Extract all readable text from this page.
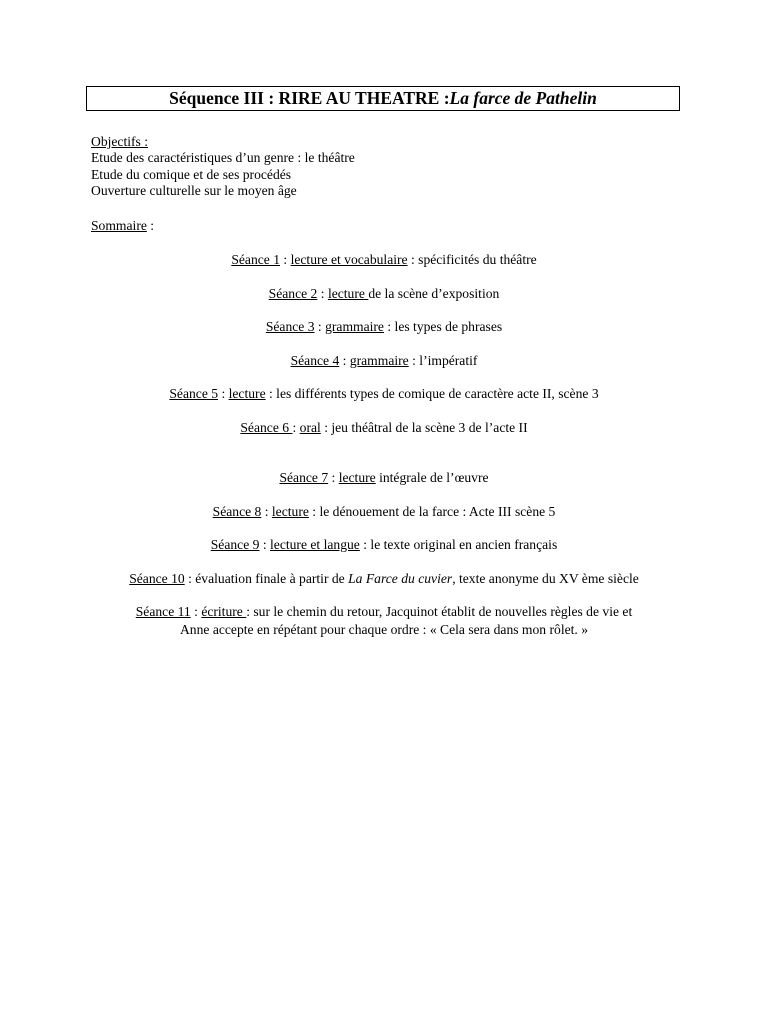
Séquence III : RIRE AU THEATRE : La farce de Pathelin
Objectifs :
Etude des caractéristiques d’un genre : le théâtre
Etude du comique et de ses procédés
Ouverture culturelle sur le moyen âge
Sommaire :
Séance 1 : lecture et vocabulaire : spécificités du théâtre
Séance 2 : lecture de la scène d’exposition
Séance 3 : grammaire : les types de phrases
Séance 4 : grammaire : l’impératif
Séance 5 : lecture : les différents types de comique de caractère acte II, scène 3
Séance 6 : oral : jeu théâtral de la scène 3 de l’acte II
Séance 7 : lecture intégrale de l’œuvre
Séance 8 : lecture : le dénouement de la farce : Acte III scène 5
Séance 9 : lecture et langue : le texte original en ancien français
Séance 10 : évaluation finale à partir de La Farce du cuvier, texte anonyme du XV ème siècle
Séance 11 : écriture : sur le chemin du retour, Jacquinot établit de nouvelles règles de vie et
Anne accepte en répétant pour chaque ordre : « Cela sera dans mon rôlet. »
